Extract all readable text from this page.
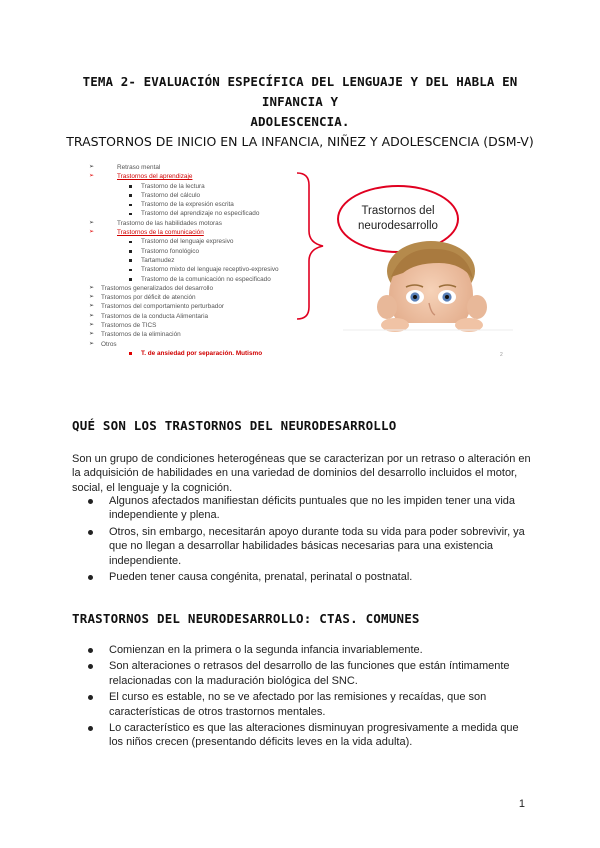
TEMA 2- EVALUACIÓN ESPECÍFICA DEL LENGUAJE Y DEL HABLA EN INFANCIA Y
ADOLESCENCIA.
TRASTORNOS DE INICIO EN LA INFANCIA, NIÑEZ Y ADOLESCENCIA (DSM-V)
➢ Retraso mental
➢ Trastornos del aprendizaje
Trastorno de la lectura
Trastorno del cálculo
Trastorno de la expresión escrita
Trastorno del aprendizaje no especificado
➢ Trastorno de las habilidades motoras
➢ Trastornos de la comunicación
Trastorno del lenguaje expresivo
Trastorno fonológico
Tartamudez
Trastorno mixto del lenguaje receptivo-expresivo
Trastorno de la comunicación no especificado
➢ Trastornos generalizados del desarrollo
➢ Trastornos por déficit de atención
➢ Trastornos del comportamiento perturbador
➢ Trastornos de la conducta Alimentaria
➢ Trastornos de TICS
➢ Trastornos de la eliminación
➢ Otros
T. de ansiedad por separación. Mutismo
Trastornos del neurodesarrollo
2
QUÉ SON LOS TRASTORNOS DEL NEURODESARROLLO
Son un grupo de condiciones heterogéneas que se caracterizan por un retraso o alteración en la adquisición de habilidades en una variedad de dominios del desarrollo incluidos el motor, social, el lenguaje y la cognición.
Algunos afectados manifiestan déficits puntuales que no les impiden tener una vida independiente y plena.
Otros, sin embargo, necesitarán apoyo durante toda su vida para poder sobrevivir, ya que no llegan a desarrollar habilidades básicas necesarias para una existencia independiente.
Pueden tener causa congénita, prenatal, perinatal o postnatal.
TRASTORNOS DEL NEURODESARROLLO: CTAS. COMUNES
Comienzan en la primera o la segunda infancia invariablemente.
Son alteraciones o retrasos del desarrollo de las funciones que están íntimamente relacionadas con la maduración biológica del SNC.
El curso es estable, no se ve afectado por las remisiones y recaídas, que son características de otros trastornos mentales.
Lo característico es que las alteraciones disminuyan progresivamente a medida que los niños crecen (presentando déficits leves en la vida adulta).
1
